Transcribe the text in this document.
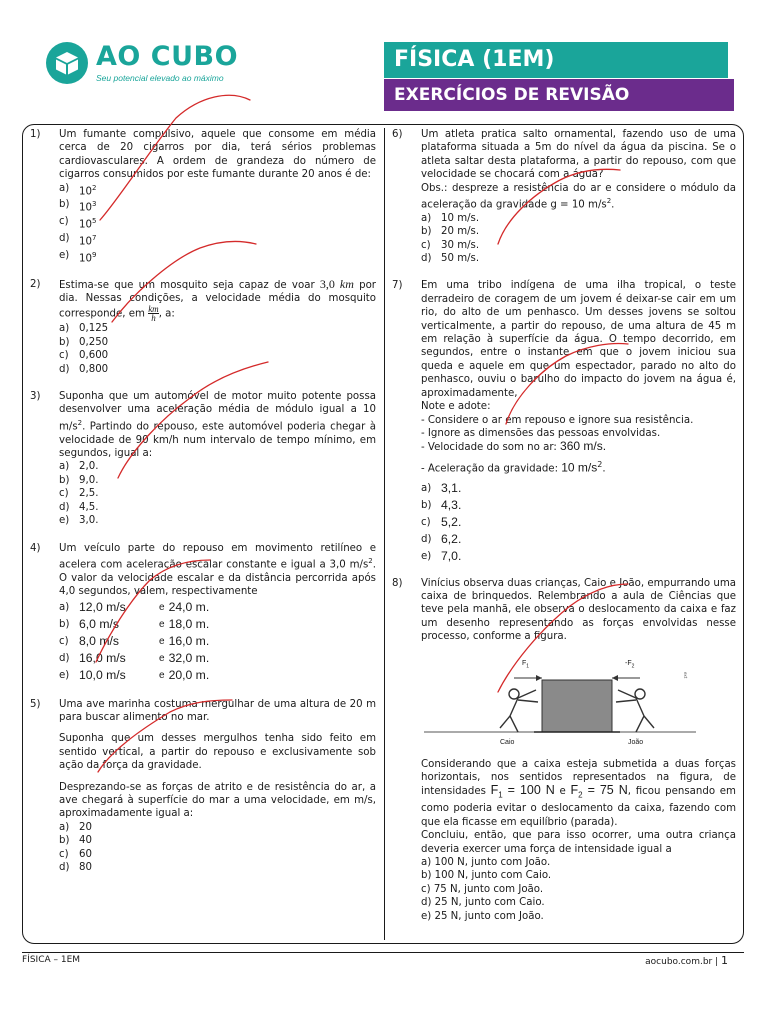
AO CUBO
Seu potencial elevado ao máximo
FÍSICA (1EM)
EXERCÍCIOS DE REVISÃO
1)	Um fumante compulsivo, aquele que consome em média cerca de 20 cigarros por dia, terá sérios problemas cardiovasculares. A ordem de grandeza do número de cigarros consumidos por este fumante durante 20 anos é de:
a) $10^2$
b) $10^3$
c)	$10^5$
d) $10^7$
e) $10^9$
2)	Estima-se que um mosquito seja capaz de voar 3,0 km por dia. Nessas condições, a velocidade média do mosquito corresponde, em $\frac{km}{h}$ , a:
a) 0,125
b) 0,250
c)	0,600
d) 0,800
3)	Suponha que um automóvel de motor muito potente possa desenvolver uma aceleração média de módulo igual a 10 $m/s^2$. Partindo do repouso, este automóvel poderia chegar à velocidade de 90 km/h num intervalo de tempo mínimo, em segundos, igual a:
a) 2,0.
b) 9,0.
c)	2,5.
d) 4,5.
e) 3,0.
4)	Um veículo parte do repouso em movimento retilíneo e acelera com aceleração escalar constante e igual a 3,0 $m/s^2$. O valor da velocidade escalar e da distância percorrida após 4,0 segundos, valem, respectivamente
a) 12,0 m/s	e 24,0 m.
b) 6,0 m/s	e 18,0 m.
c) 8,0 m/s	e 16,0 m.
d) 16,0 m/s	e 32,0 m.
e) 10,0 m/s	e 20,0 m.
5)	Uma ave marinha costuma mergulhar de uma altura de 20 m para buscar alimento no mar.
Suponha que um desses mergulhos tenha sido feito em sentido vertical, a partir do repouso e exclusivamente sob ação da força da gravidade.
Desprezando-se as forças de atrito e de resistência do ar, a ave chegará à superfície do mar a uma velocidade, em m/s, aproximadamente igual a:
a) 20
b) 40
c)	60
d) 80
6)	Um atleta pratica salto ornamental, fazendo uso de uma plataforma situada a 5m do nível da água da piscina. Se o atleta saltar desta plataforma, a partir do repouso, com que velocidade se chocará com a água?
Obs.: despreze a resistência do ar e considere o módulo da aceleração da gravidade g = 10 $m/s^2$.
a) 10 m/s.
b) 20 m/s.
c)	30 m/s.
d) 50 m/s.
7)	Em uma tribo indígena de uma ilha tropical, o teste derradeiro de coragem de um jovem é deixar-se cair em um rio, do alto de um penhasco. Um desses jovens se soltou verticalmente, a partir do repouso, de uma altura de 45 m em relação à superfície da água. O tempo decorrido, em segundos, entre o instante em que o jovem iniciou sua queda e aquele em que um espectador, parado no alto do penhasco, ouviu o barulho do impacto do jovem na água é, aproximadamente,
Note e adote:
- Considere o ar em repouso e ignore sua resistência.
- Ignore as dimensões das pessoas envolvidas.
- Velocidade do som no ar: 360 m/s.
- Aceleração da gravidade: 10 $m/s^2$.
a) 3,1.
b) 4,3.
c) 5,2.
d) 6,2.
e) 7,0.
8)	Vinícius observa duas crianças, Caio e João, empurrando uma caixa de brinquedos. Relembrando a aula de Ciências que teve pela manhã, ele observa o deslocamento da caixa e faz um desenho representando as forças envolvidas nesse processo, conforme a figura.
ext
$F_1$	$-F_2$
Caio	João
Considerando que a caixa esteja submetida a duas forças horizontais, nos sentidos representados na figura, de intensidades $F_1 = 100$ N e $F_2 = 75$ N, ficou pensando em como poderia evitar o deslocamento da caixa, fazendo com que ela ficasse em equilíbrio (parada).
Concluiu, então, que para isso ocorrer, uma outra criança deveria exercer uma força de intensidade igual a
a) 100 N, junto com João.
b) 100 N, junto com Caio.
c) 75 N, junto com João.
d) 25 N, junto com Caio.
e) 25 N, junto com João.
FÍSICA – 1EM	aocubo.com.br | 1
